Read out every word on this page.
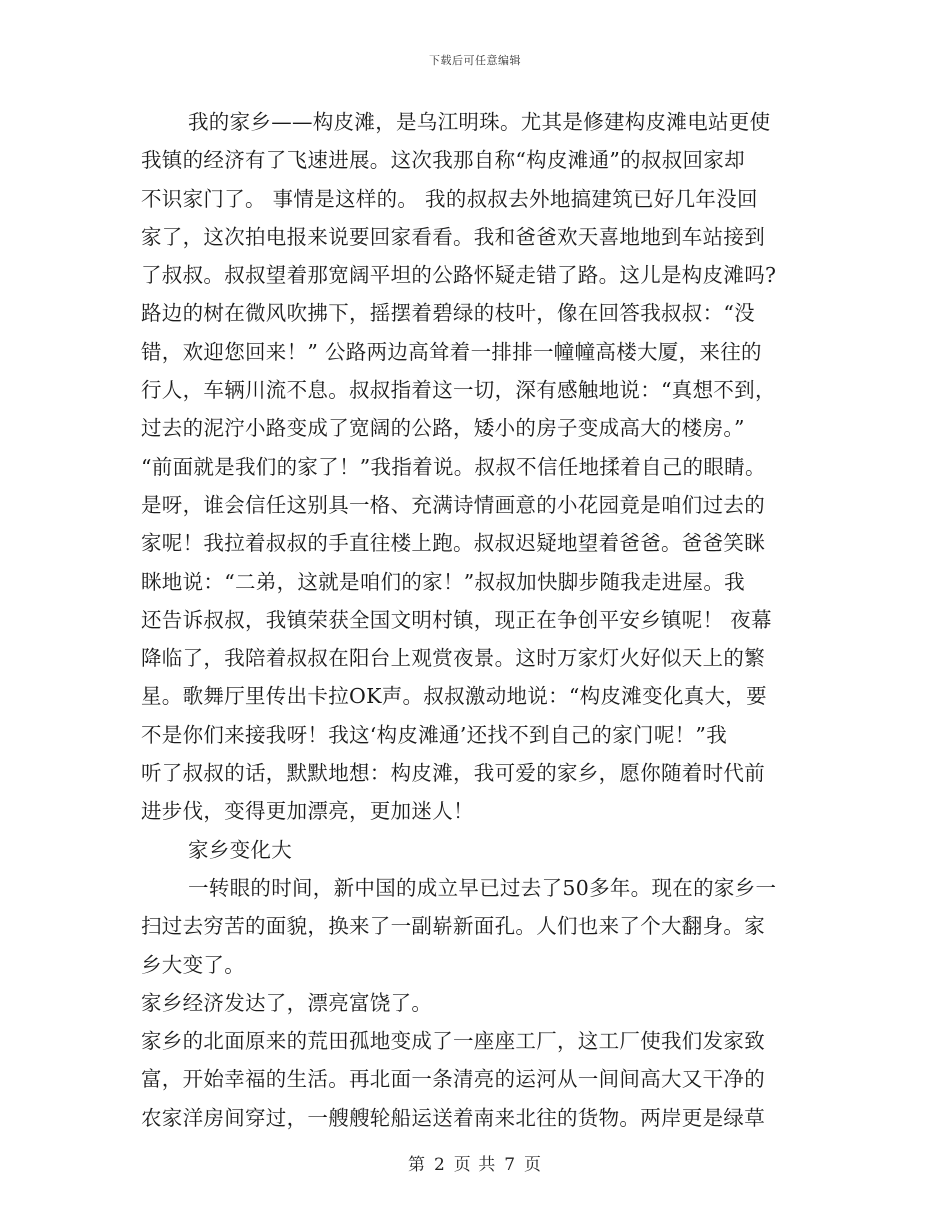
下载后可任意编辑
我的家乡——构皮滩，是乌江明珠。尤其是修建构皮滩电站更使
我镇的经济有了飞速进展。这次我那自称“构皮滩通”的叔叔回家却
不识家门了。 事情是这样的。 我的叔叔去外地搞建筑已好几年没回
家了，这次拍电报来说要回家看看。我和爸爸欢天喜地地到车站接到
了叔叔。叔叔望着那宽阔平坦的公路怀疑走错了路。这儿是构皮滩吗?
路边的树在微风吹拂下，摇摆着碧绿的枝叶，像在回答我叔叔：“没
错，欢迎您回来！” 公路两边高耸着一排排一幢幢高楼大厦，来往的
行人，车辆川流不息。叔叔指着这一切，深有感触地说：“真想不到，
过去的泥泞小路变成了宽阔的公路，矮小的房子变成高大的楼房。”
“前面就是我们的家了！”我指着说。叔叔不信任地揉着自己的眼睛。
是呀，谁会信任这别具一格、充满诗情画意的小花园竟是咱们过去的
家呢！我拉着叔叔的手直往楼上跑。叔叔迟疑地望着爸爸。爸爸笑眯
眯地说：“二弟，这就是咱们的家！”叔叔加快脚步随我走进屋。我
还告诉叔叔，我镇荣获全国文明村镇，现正在争创平安乡镇呢！ 夜幕
降临了，我陪着叔叔在阳台上观赏夜景。这时万家灯火好似天上的繁
星。歌舞厅里传出卡拉OK声。叔叔激动地说：“构皮滩变化真大，要
不是你们来接我呀！我这‘构皮滩通’还找不到自己的家门呢！”我
听了叔叔的话，默默地想：构皮滩，我可爱的家乡，愿你随着时代前
进步伐，变得更加漂亮，更加迷人！
家乡变化大
一转眼的时间，新中国的成立早已过去了50多年。现在的家乡一
扫过去穷苦的面貌，换来了一副崭新面孔。人们也来了个大翻身。家
乡大变了。
家乡经济发达了，漂亮富饶了。
家乡的北面原来的荒田孤地变成了一座座工厂，这工厂使我们发家致
富，开始幸福的生活。再北面一条清亮的运河从一间间高大又干净的
农家洋房间穿过，一艘艘轮船运送着南来北往的货物。两岸更是绿草
第 2 页 共 7 页
